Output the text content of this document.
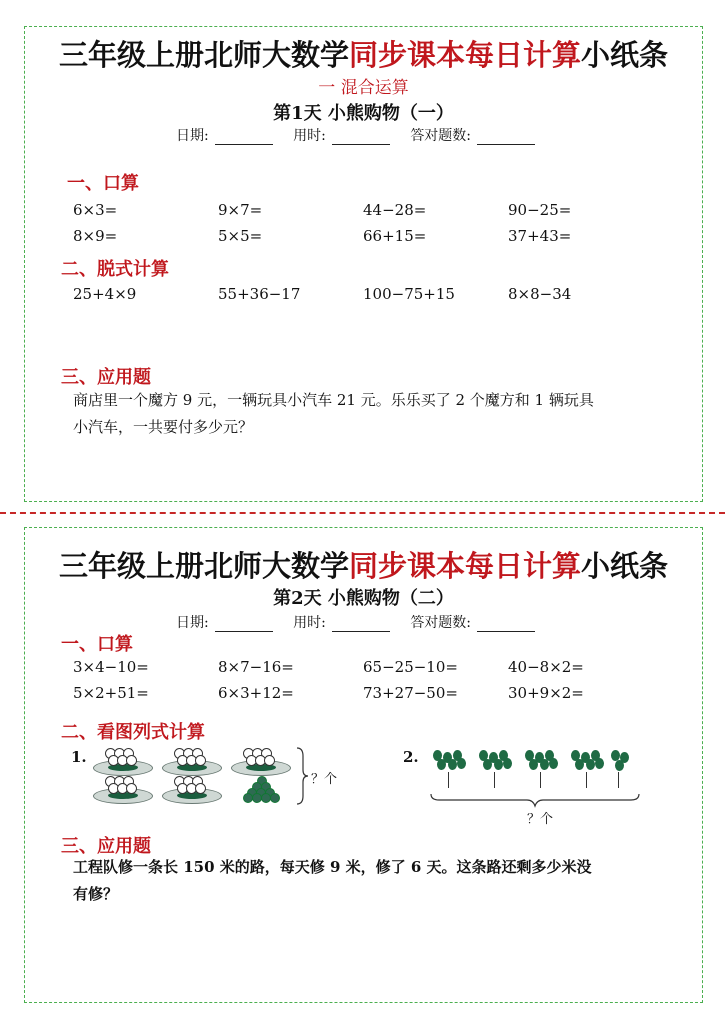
三年级上册北师大数学同步课本每日计算小纸条
一 混合运算
第1天 小熊购物（一）
日期:	用时:	答对题数:
一、口算
6×3=	9×7=	44−28=	90−25=
8×9=	5×5=	66+15=	37+43=
二、脱式计算
25+4×9	55+36−17	100−75+15	8×8−34
三、应用题
商店里一个魔方 9 元，一辆玩具小汽车 21 元。乐乐买了 2 个魔方和 1 辆玩具
小汽车，一共要付多少元？
三年级上册北师大数学同步课本每日计算小纸条
第2天 小熊购物（二）
日期:	用时:	答对题数:
一、口算
3×4−10=	8×7−16=	65−25−10=	40−8×2=
5×2+51=	6×3+12=	73+27−50=	30+9×2=
二、看图列式计算
1.
？个
2.
？个
三、应用题
工程队修一条长 150 米的路，每天修 9 米，修了 6 天。这条路还剩多少米没
有修？
